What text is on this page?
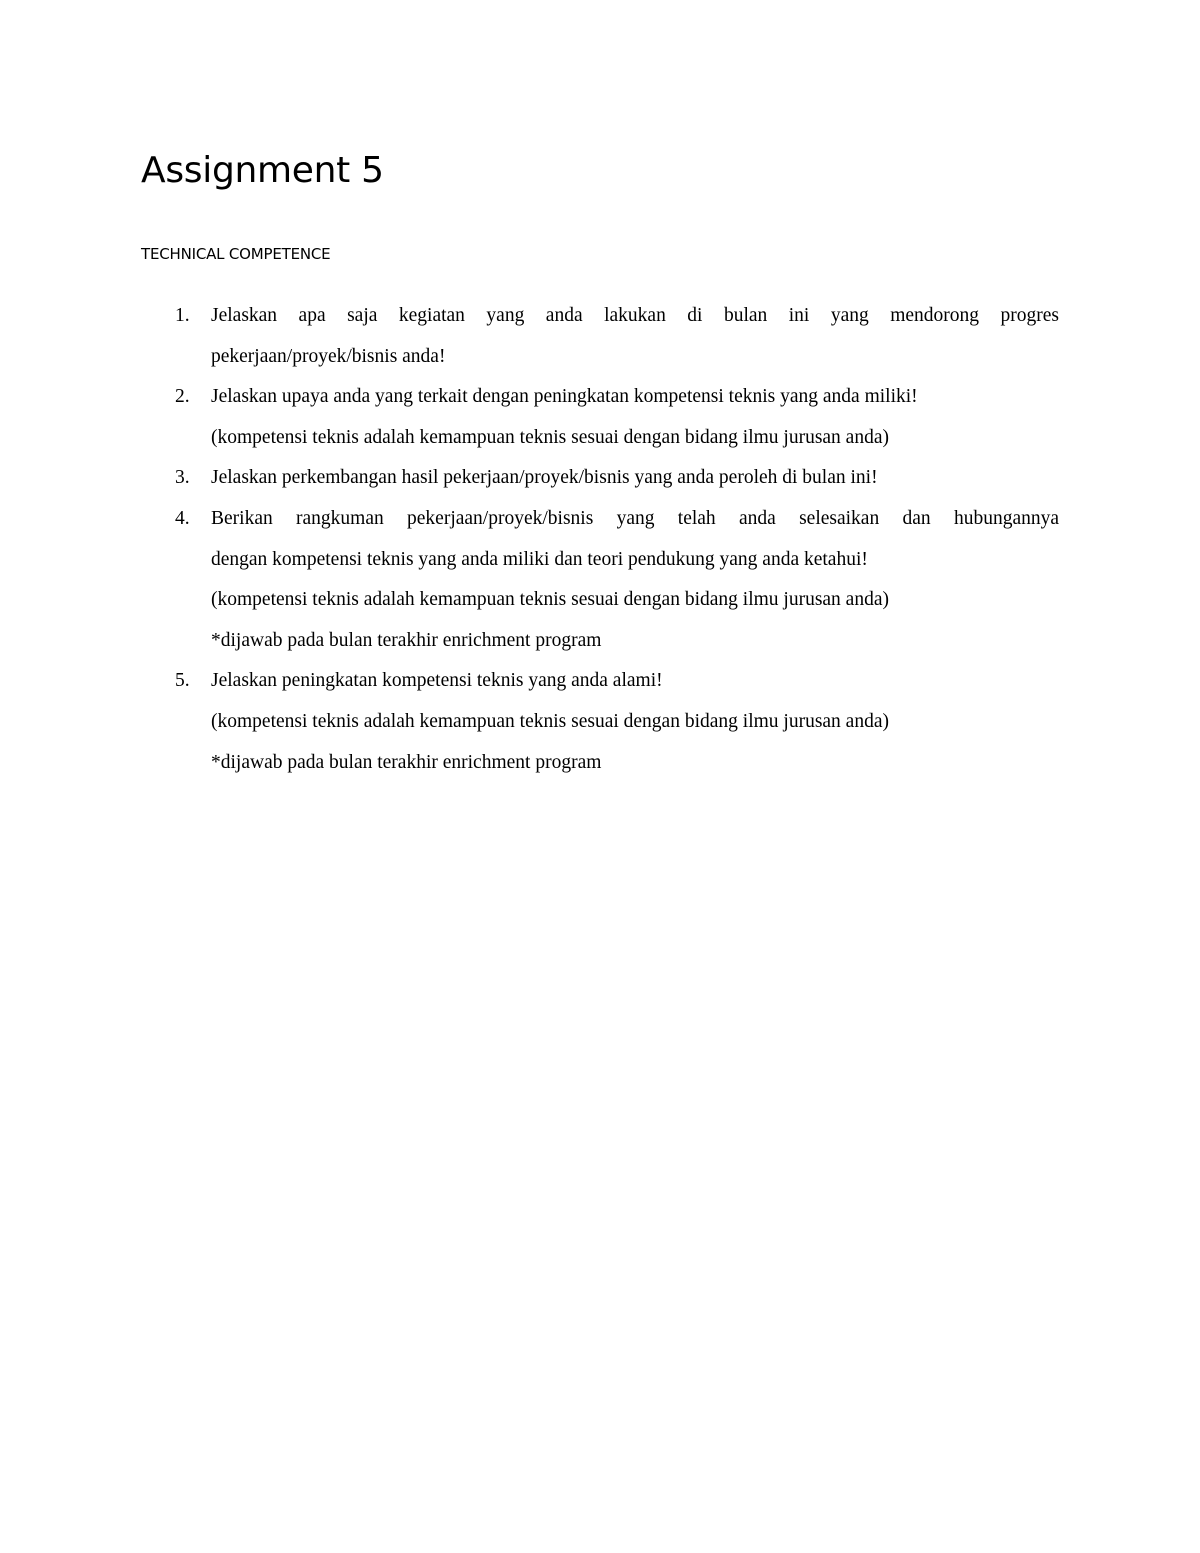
Assignment 5
TECHNICAL COMPETENCE
1. Jelaskan apa saja kegiatan yang anda lakukan di bulan ini yang mendorong progres
pekerjaan/proyek/bisnis anda!
2. Jelaskan upaya anda yang terkait dengan peningkatan kompetensi teknis yang anda miliki!
(kompetensi teknis adalah kemampuan teknis sesuai dengan bidang ilmu jurusan anda)
3. Jelaskan perkembangan hasil pekerjaan/proyek/bisnis yang anda peroleh di bulan ini!
4. Berikan rangkuman pekerjaan/proyek/bisnis yang telah anda selesaikan dan hubungannya
dengan kompetensi teknis yang anda miliki dan teori pendukung yang anda ketahui!
(kompetensi teknis adalah kemampuan teknis sesuai dengan bidang ilmu jurusan anda)
*dijawab pada bulan terakhir enrichment program
5. Jelaskan peningkatan kompetensi teknis yang anda alami!
(kompetensi teknis adalah kemampuan teknis sesuai dengan bidang ilmu jurusan anda)
*dijawab pada bulan terakhir enrichment program
